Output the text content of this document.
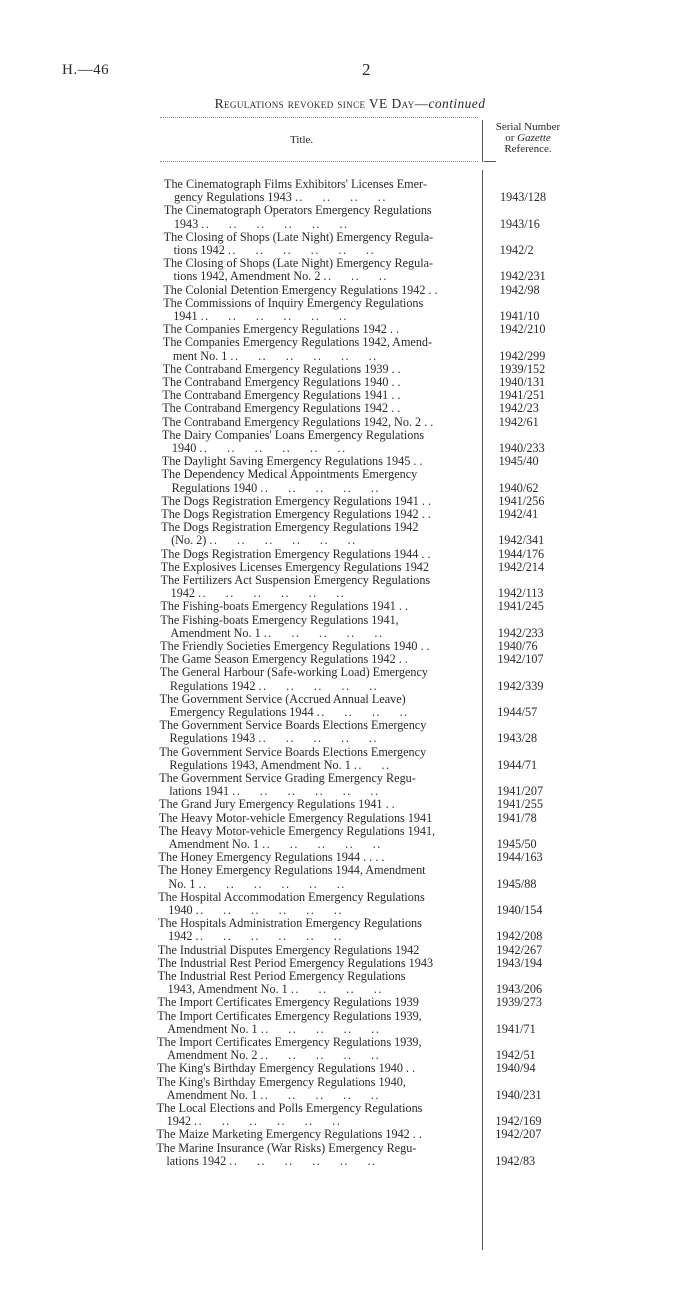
H.—46	2
Regulations revoked since VE Day—continued
Title.
Serial Number
or Gazette
Reference.
The Cinematograph Films Exhibitors' Licenses Emer-
gency Regulations 1943 .. .. .. ..	1943/128
The Cinematograph Operators Emergency Regulations
1943 .. .. .. .. .. ..	1943/16
The Closing of Shops (Late Night) Emergency Regula-
tions 1942 .. .. .. .. .. ..	1942/2
The Closing of Shops (Late Night) Emergency Regula-
tions 1942, Amendment No. 2 .. .. ..	1942/231
The Colonial Detention Emergency Regulations 1942 . .	1942/98
The Commissions of Inquiry Emergency Regulations
1941 .. .. .. .. .. ..	1941/10
The Companies Emergency Regulations 1942 . .	1942/210
The Companies Emergency Regulations 1942, Amend-
ment No. 1 .. .. .. .. .. ..	1942/299
The Contraband Emergency Regulations 1939 . .	1939/152
The Contraband Emergency Regulations 1940 . .	1940/131
The Contraband Emergency Regulations 1941 . .	1941/251
The Contraband Emergency Regulations 1942 . .	1942/23
The Contraband Emergency Regulations 1942, No. 2 . .	1942/61
The Dairy Companies' Loans Emergency Regulations
1940 .. .. .. .. .. ..	1940/233
The Daylight Saving Emergency Regulations 1945 . .	1945/40
The Dependency Medical Appointments Emergency
Regulations 1940 .. .. .. .. ..	1940/62
The Dogs Registration Emergency Regulations 1941 . .	1941/256
The Dogs Registration Emergency Regulations 1942 . .	1942/41
The Dogs Registration Emergency Regulations 1942
(No. 2) .. .. .. .. .. ..	1942/341
The Dogs Registration Emergency Regulations 1944 . .	1944/176
The Explosives Licenses Emergency Regulations 1942	1942/214
The Fertilizers Act Suspension Emergency Regulations
1942 .. .. .. .. .. ..	1942/113
The Fishing-boats Emergency Regulations 1941 . .	1941/245
The Fishing-boats Emergency Regulations 1941,
Amendment No. 1 .. .. .. .. ..	1942/233
The Friendly Societies Emergency Regulations 1940 . .	1940/76
The Game Season Emergency Regulations 1942 . .	1942/107
The General Harbour (Safe-working Load) Emergency
Regulations 1942 .. .. .. .. ..	1942/339
The Government Service (Accrued Annual Leave)
Emergency Regulations 1944 .. .. .. ..	1944/57
The Government Service Boards Elections Emergency
Regulations 1943 .. .. .. .. ..	1943/28
The Government Service Boards Elections Emergency
Regulations 1943, Amendment No. 1 .. ..	1944/71
The Government Service Grading Emergency Regu-
lations 1941 .. .. .. .. .. ..	1941/207
The Grand Jury Emergency Regulations 1941 . .	1941/255
The Heavy Motor-vehicle Emergency Regulations 1941	1941/78
The Heavy Motor-vehicle Emergency Regulations 1941,
Amendment No. 1 .. .. .. .. ..	1945/50
The Honey Emergency Regulations 1944 . . . .	1944/163
The Honey Emergency Regulations 1944, Amendment
No. 1 .. .. .. .. .. ..	1945/88
The Hospital Accommodation Emergency Regulations
1940 .. .. .. .. .. ..	1940/154
The Hospitals Administration Emergency Regulations
1942 .. .. .. .. .. ..	1942/208
The Industrial Disputes Emergency Regulations 1942	1942/267
The Industrial Rest Period Emergency Regulations 1943	1943/194
The Industrial Rest Period Emergency Regulations
1943, Amendment No. 1 .. .. .. ..	1943/206
The Import Certificates Emergency Regulations 1939	1939/273
The Import Certificates Emergency Regulations 1939,
Amendment No. 1 .. .. .. .. ..	1941/71
The Import Certificates Emergency Regulations 1939,
Amendment No. 2 .. .. .. .. ..	1942/51
The King's Birthday Emergency Regulations 1940 . .	1940/94
The King's Birthday Emergency Regulations 1940,
Amendment No. 1 .. .. .. .. ..	1940/231
The Local Elections and Polls Emergency Regulations
1942 .. .. .. .. .. ..	1942/169
The Maize Marketing Emergency Regulations 1942 . .	1942/207
The Marine Insurance (War Risks) Emergency Regu-
lations 1942 .. .. .. .. .. ..	1942/83
